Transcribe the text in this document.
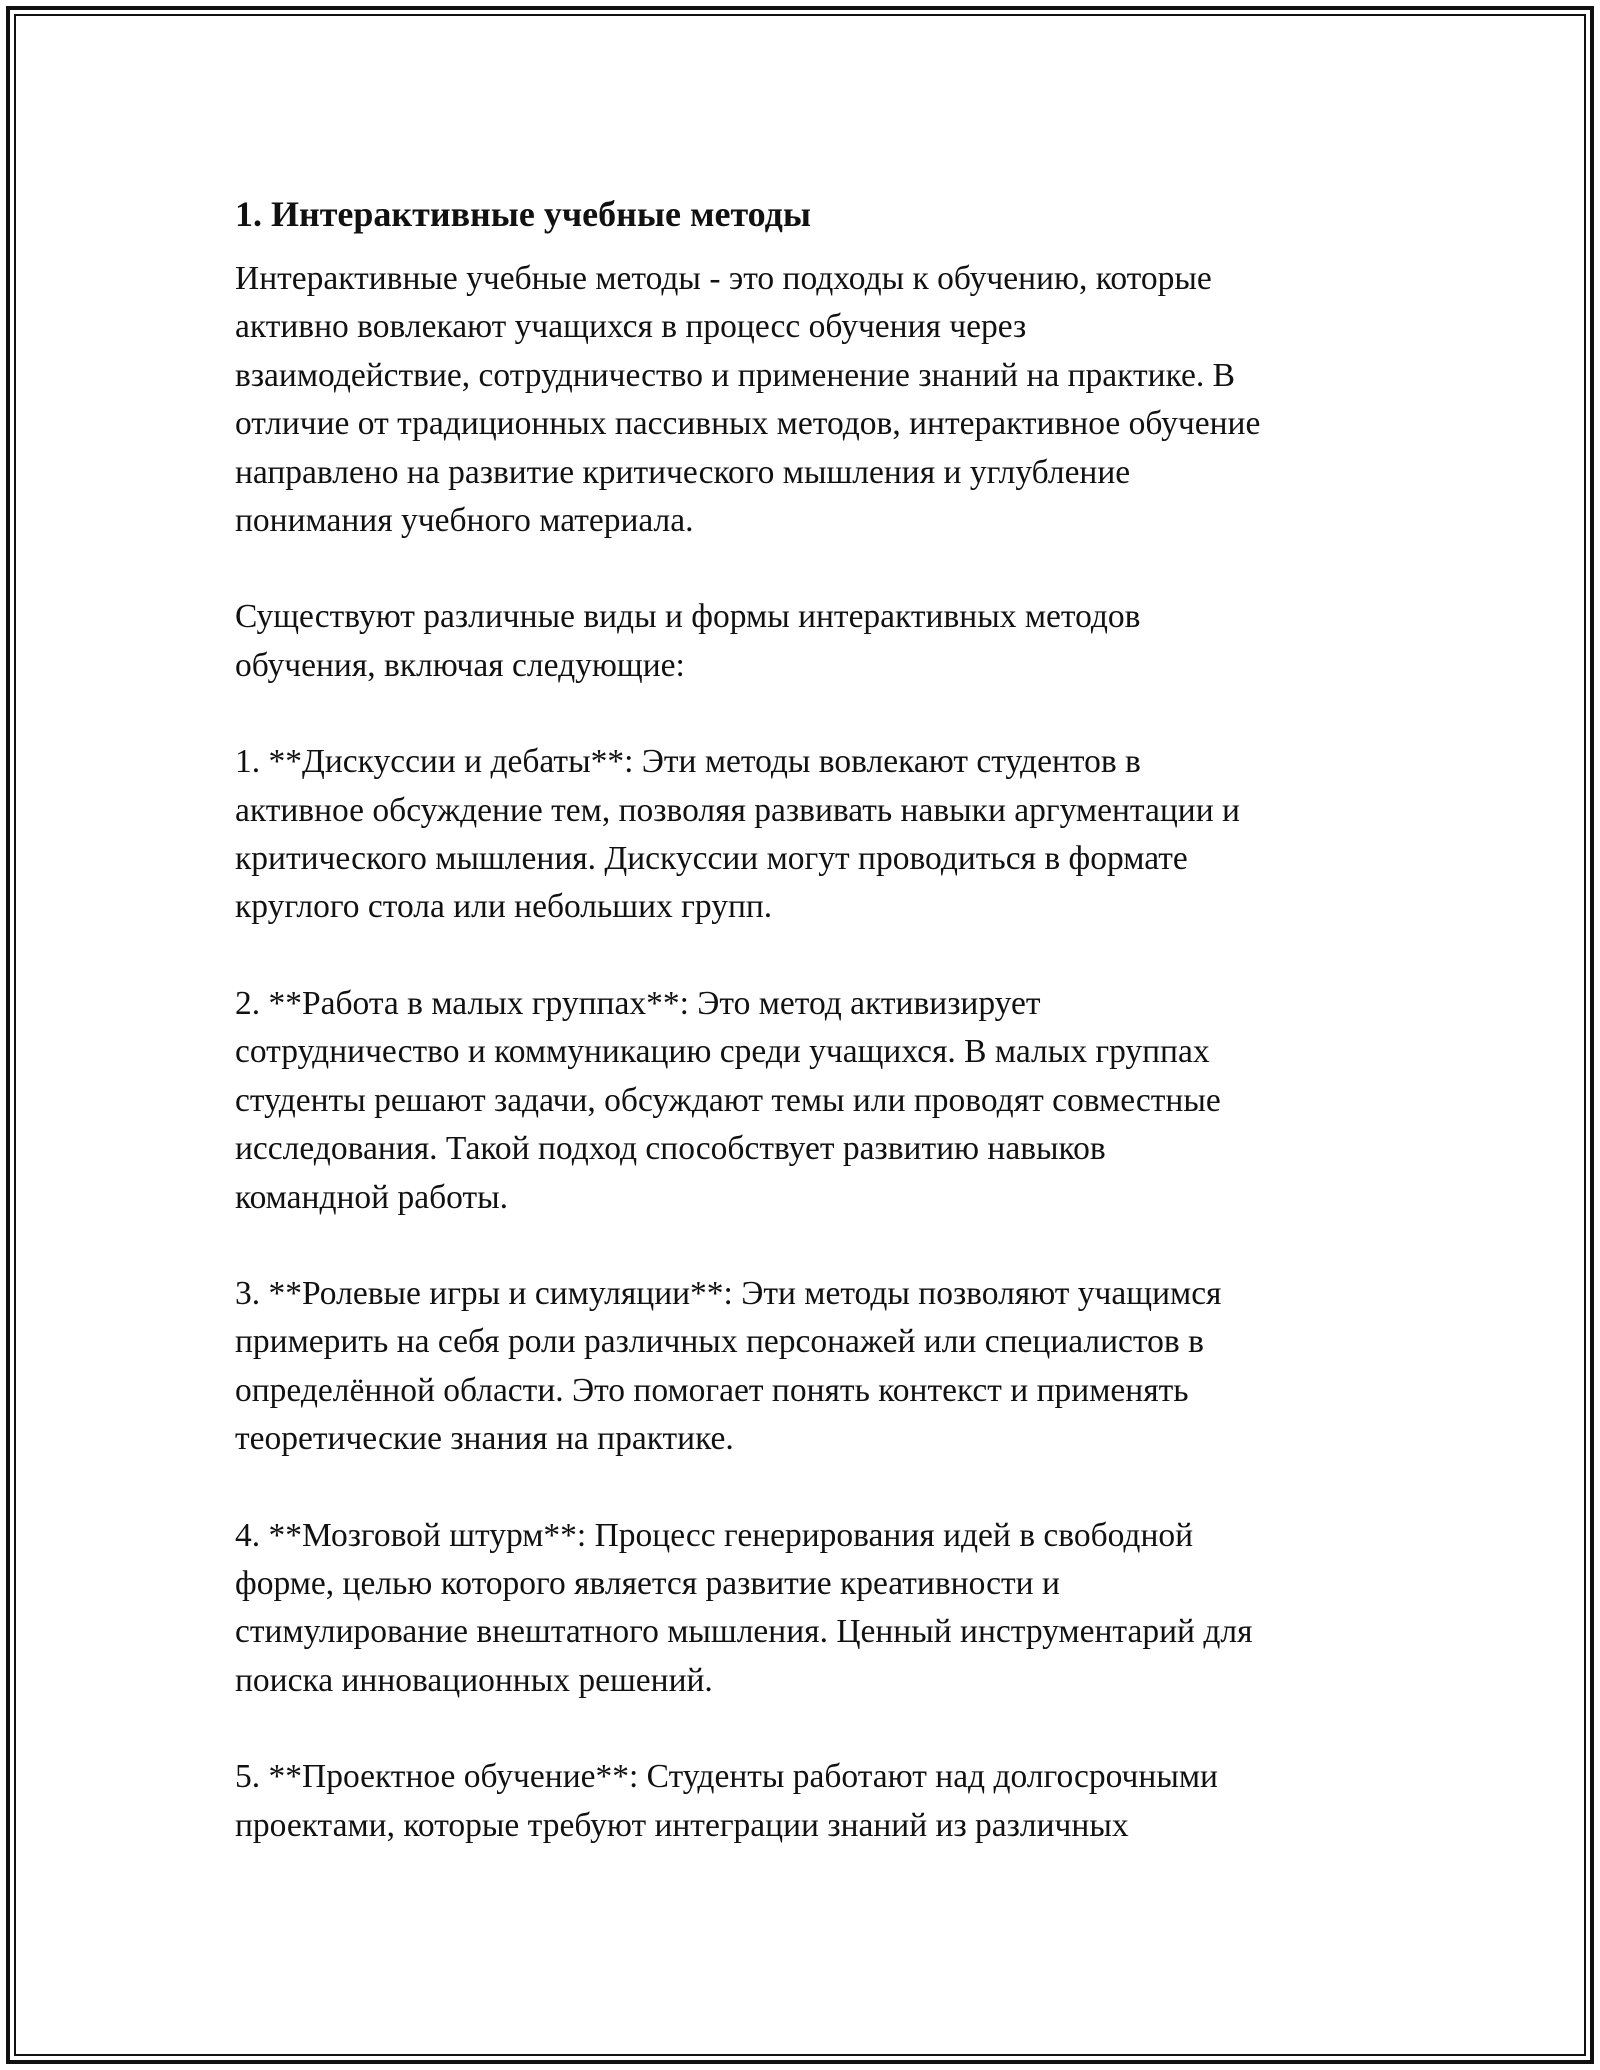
1. Интерактивные учебные методы

Интерактивные учебные методы - это подходы к обучению, которые
активно вовлекают учащихся в процесс обучения через
взаимодействие, сотрудничество и применение знаний на практике. В
отличие от традиционных пассивных методов, интерактивное обучение
направлено на развитие критического мышления и углубление
понимания учебного материала.

Существуют различные виды и формы интерактивных методов
обучения, включая следующие:

1. **Дискуссии и дебаты**: Эти методы вовлекают студентов в
активное обсуждение тем, позволяя развивать навыки аргументации и
критического мышления. Дискуссии могут проводиться в формате
круглого стола или небольших групп.

2. **Работа в малых группах**: Это метод активизирует
сотрудничество и коммуникацию среди учащихся. В малых группах
студенты решают задачи, обсуждают темы или проводят совместные
исследования. Такой подход способствует развитию навыков
командной работы.

3. **Ролевые игры и симуляции**: Эти методы позволяют учащимся
примерить на себя роли различных персонажей или специалистов в
определённой области. Это помогает понять контекст и применять
теоретические знания на практике.

4. **Мозговой штурм**: Процесс генерирования идей в свободной
форме, целью которого является развитие креативности и
стимулирование внештатного мышления. Ценный инструментарий для
поиска инновационных решений.

5. **Проектное обучение**: Студенты работают над долгосрочными
проектами, которые требуют интеграции знаний из различных
